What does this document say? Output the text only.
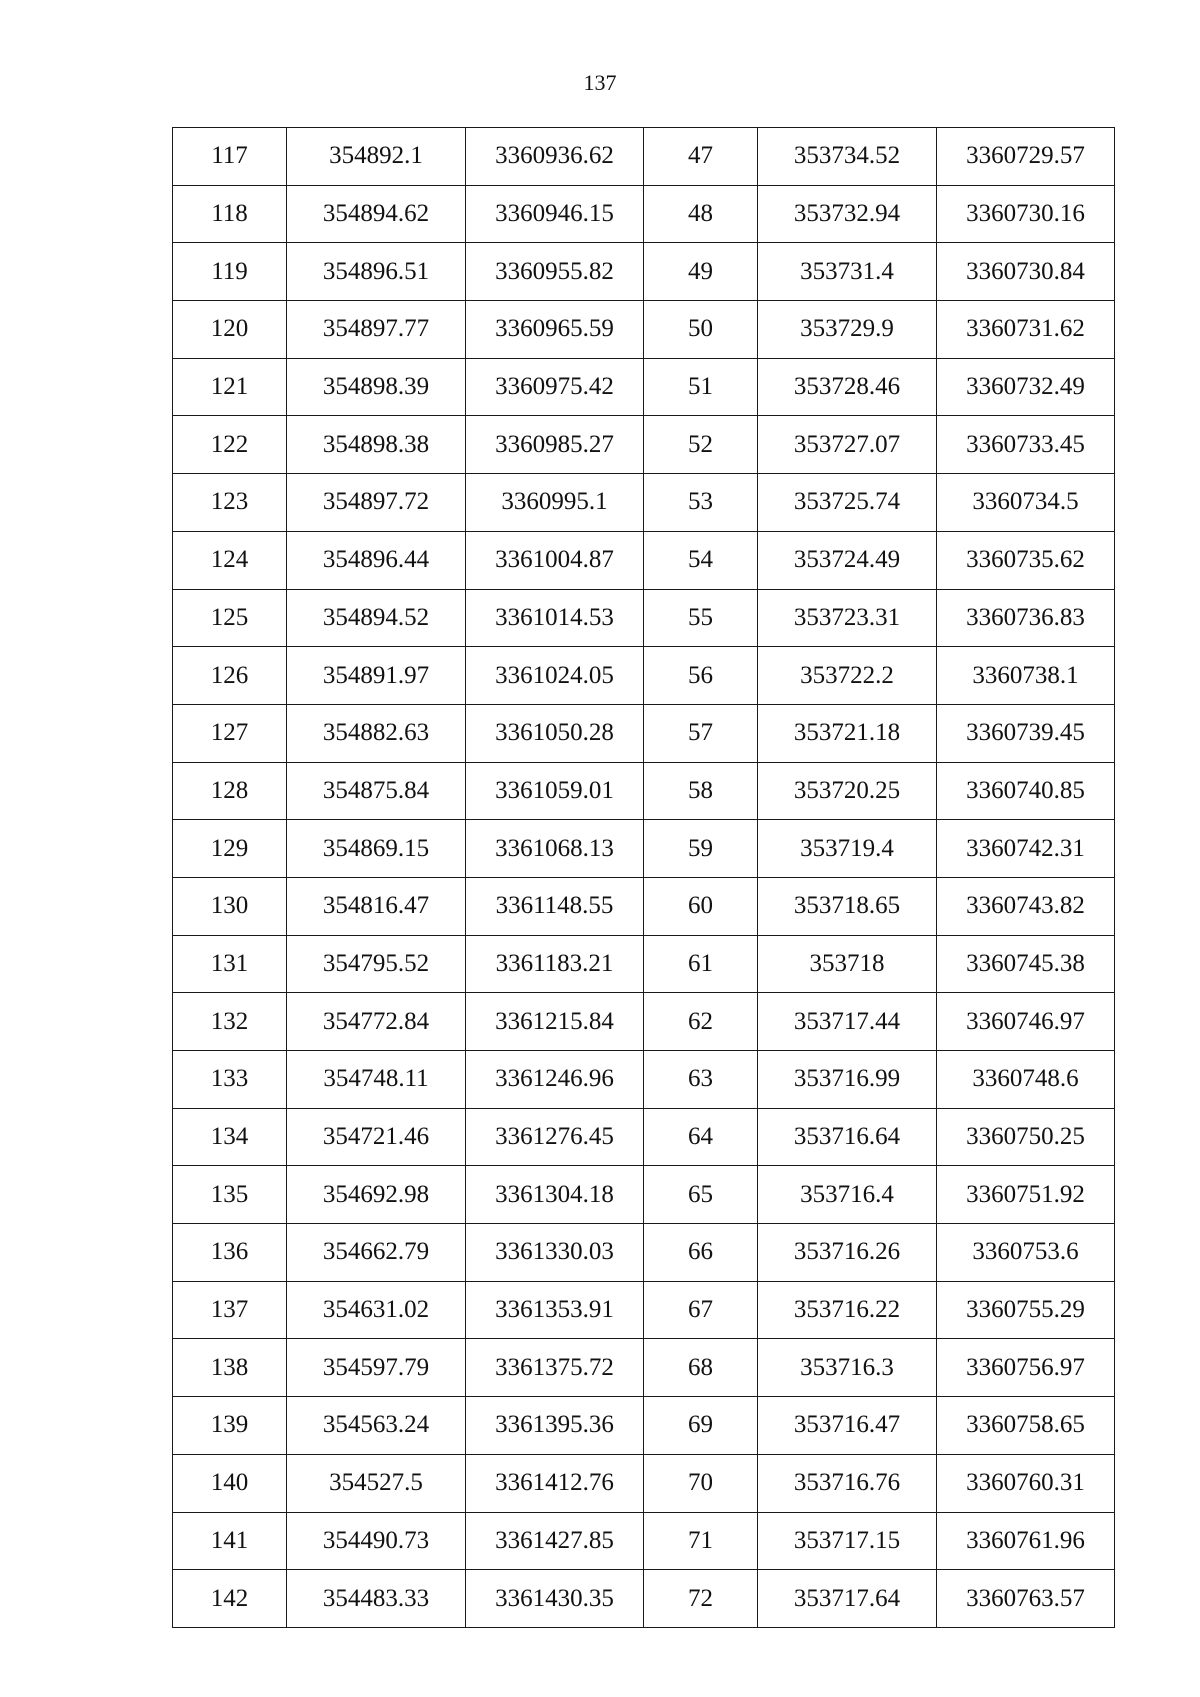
137
117	354892.1	3360936.62	47	353734.52	3360729.57
118	354894.62	3360946.15	48	353732.94	3360730.16
119	354896.51	3360955.82	49	353731.4	3360730.84
120	354897.77	3360965.59	50	353729.9	3360731.62
121	354898.39	3360975.42	51	353728.46	3360732.49
122	354898.38	3360985.27	52	353727.07	3360733.45
123	354897.72	3360995.1	53	353725.74	3360734.5
124	354896.44	3361004.87	54	353724.49	3360735.62
125	354894.52	3361014.53	55	353723.31	3360736.83
126	354891.97	3361024.05	56	353722.2	3360738.1
127	354882.63	3361050.28	57	353721.18	3360739.45
128	354875.84	3361059.01	58	353720.25	3360740.85
129	354869.15	3361068.13	59	353719.4	3360742.31
130	354816.47	3361148.55	60	353718.65	3360743.82
131	354795.52	3361183.21	61	353718	3360745.38
132	354772.84	3361215.84	62	353717.44	3360746.97
133	354748.11	3361246.96	63	353716.99	3360748.6
134	354721.46	3361276.45	64	353716.64	3360750.25
135	354692.98	3361304.18	65	353716.4	3360751.92
136	354662.79	3361330.03	66	353716.26	3360753.6
137	354631.02	3361353.91	67	353716.22	3360755.29
138	354597.79	3361375.72	68	353716.3	3360756.97
139	354563.24	3361395.36	69	353716.47	3360758.65
140	354527.5	3361412.76	70	353716.76	3360760.31
141	354490.73	3361427.85	71	353717.15	3360761.96
142	354483.33	3361430.35	72	353717.64	3360763.57
